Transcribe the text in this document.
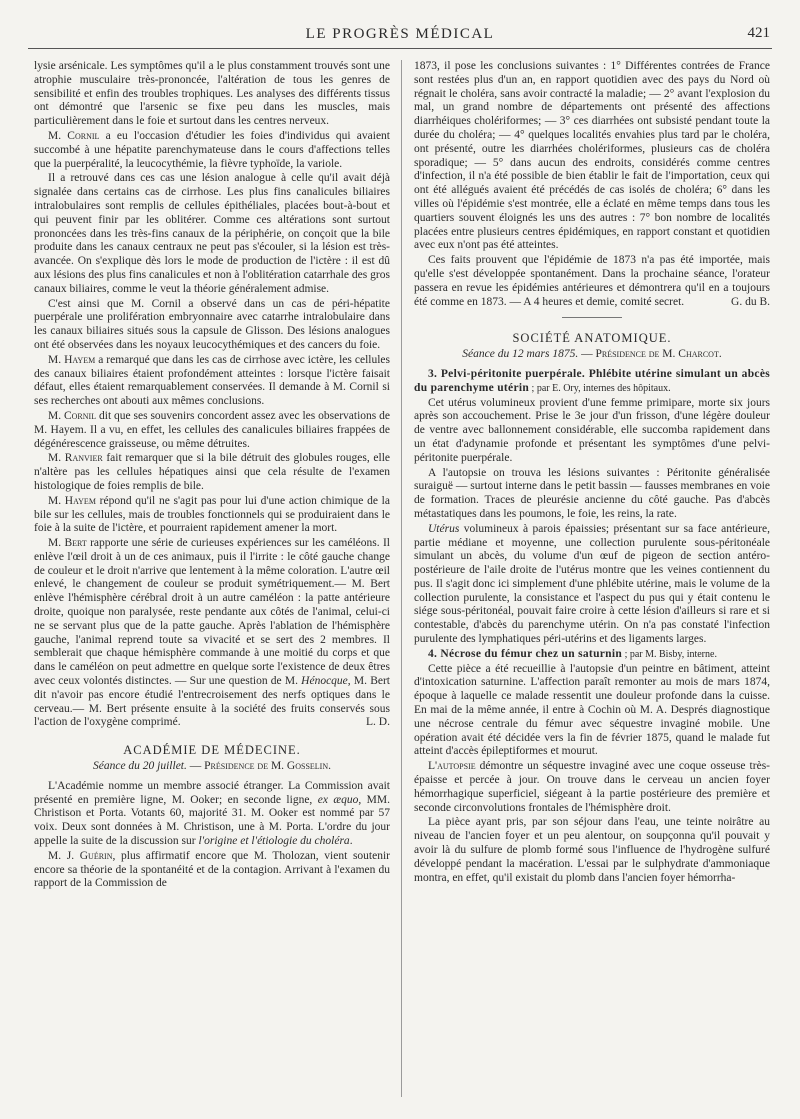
LE PROGRÈS MÉDICAL	421

lysie arsénicale. Les symptômes qu'il a le plus constamment trouvés sont une atrophie musculaire très-prononcée, l'altération de tous les genres de sensibilité et enfin des troubles trophiques. Les analyses des différents tissus ont démontré que l'arsenic se fixe peu dans les muscles, mais particulièrement dans le foie et surtout dans les centres nerveux.

M. Cornil a eu l'occasion d'étudier les foies d'individus qui avaient succombé à une hépatite parenchymateuse dans le cours d'affections telles que la puerpéralité, la leucocythémie, la fièvre typhoïde, la variole.

Il a retrouvé dans ces cas une lésion analogue à celle qu'il avait déjà signalée dans certains cas de cirrhose. Les plus fins canalicules biliaires intralobulaires sont remplis de cellules épithéliales, placées bout-à-bout et qui peuvent finir par les oblitérer. Comme ces altérations sont surtout prononcées dans les très-fins canaux de la périphérie, on conçoit que la bile produite dans les canaux centraux ne peut pas s'écouler, si la lésion est très-avancée. On s'explique dès lors le mode de production de l'ictère : il est dû aux lésions des plus fins canalicules et non à l'oblitération catarrhale des gros canaux biliaires, comme le veut la théorie généralement admise.

C'est ainsi que M. Cornil a observé dans un cas de péri-hépatite puerpérale une prolifération embryonnaire avec catarrhe intralobulaire dans les canaux biliaires situés sous la capsule de Glisson. Des lésions analogues ont été observées dans les noyaux leucocythémiques et des cancers du foie.

M. Hayem a remarqué que dans les cas de cirrhose avec ictère, les cellules des canaux biliaires étaient profondément atteintes : lorsque l'ictère faisait défaut, elles étaient remarquablement conservées. Il demande à M. Cornil si ses recherches ont abouti aux mêmes conclusions.

M. Cornil dit que ses souvenirs concordent assez avec les observations de M. Hayem. Il a vu, en effet, les cellules des canalicules biliaires frappées de dégénérescence graisseuse, ou même détruites.

M. Ranvier fait remarquer que si la bile détruit des globules rouges, elle n'altère pas les cellules hépatiques ainsi que cela résulte de l'examen histologique de foies remplis de bile.

M. Hayem répond qu'il ne s'agit pas pour lui d'une action chimique de la bile sur les cellules, mais de troubles fonctionnels qui se produiraient dans le foie à la suite de l'ictère, et pourraient rapidement amener la mort.

M. Bert rapporte une série de curieuses expériences sur les caméléons. Il enlève l'œil droit à un de ces animaux, puis il l'irrite : le côté gauche change de couleur et le droit n'arrive que lentement à la même coloration. L'autre œil enlevé, le changement de couleur se produit symétriquement.— M. Bert enlève l'hémisphère cérébral droit à un autre caméléon : la patte antérieure droite, quoique non paralysée, reste pendante aux côtés de l'animal, celui-ci ne se servant plus que de la patte gauche. Après l'ablation de l'hémisphère gauche, l'animal reprend toute sa vivacité et se sert des 2 membres. Il semblerait que chaque hémisphère commande à une moitié du corps et que dans le caméléon on peut admettre en quelque sorte l'existence de deux êtres avec ceux volontés distinctes. — Sur une question de M. Hénocque, M. Bert dit n'avoir pas encore étudié l'entrecroisement des nerfs optiques dans le cerveau.— M. Bert présente ensuite à la société des fruits conservés sous l'action de l'oxygène comprimé.	L. D.

ACADÉMIE DE MÉDECINE.
Séance du 20 juillet. — Présidence de M. Gosselin.

L'Académie nomme un membre associé étranger. La Commission avait présenté en première ligne, M. Ooker; en seconde ligne, ex æquo, MM. Christison et Porta. Votants 60, majorité 31. M. Ooker est nommé par 57 voix. Deux sont données à M. Christison, une à M. Porta. L'ordre du jour appelle la suite de la discussion sur l'origine et l'étiologie du choléra.

M. J. Guérin, plus affirmatif encore que M. Tholozan, vient soutenir encore sa théorie de la spontanéité et de la contagion. Arrivant à l'examen du rapport de la Commission de

1873, il pose les conclusions suivantes : 1° Différentes contrées de France sont restées plus d'un an, en rapport quotidien avec des pays du Nord où régnait le choléra, sans avoir contracté la maladie; — 2° avant l'explosion du mal, un grand nombre de départements ont présenté des affections diarrhéiques cholériformes; — 3° ces diarrhées ont subsisté pendant toute la durée du choléra; — 4° quelques localités envahies plus tard par le choléra, ont présenté, outre les diarrhées cholériformes, plusieurs cas de choléra sporadique; — 5° dans aucun des endroits, considérés comme centres d'infection, il n'a été possible de bien établir le fait de l'importation, ceux qui ont été allégués avaient été précédés de cas isolés de choléra; 6° dans les villes où l'épidémie s'est montrée, elle a éclaté en même temps dans tous les quartiers souvent éloignés les uns des autres : 7° bon nombre de localités placées entre plusieurs centres épidémiques, en rapport constant et quotidien avec eux n'ont pas été atteintes.

Ces faits prouvent que l'épidémie de 1873 n'a pas été importée, mais qu'elle s'est développée spontanément. Dans la prochaine séance, l'orateur passera en revue les épidémies antérieures et démontrera qu'il en a toujours été comme en 1873. — A 4 heures et demie, comité secret.	G. du B.

SOCIÉTÉ ANATOMIQUE.
Séance du 12 mars 1875. — Présidence de M. Charcot.

3. Pelvi-péritonite puerpérale. Phlébite utérine simulant un abcès du parenchyme utérin ; par E. Ory, internes des hôpitaux.

Cet utérus volumineux provient d'une femme primipare, morte six jours après son accouchement. Prise le 3e jour d'un frisson, d'une légère douleur de ventre avec ballonnement considérable, elle succomba rapidement dans un état d'adynamie profonde et présentant les symptômes d'une pelvi-péritonite puerpérale.

A l'autopsie on trouva les lésions suivantes : Péritonite généralisée suraiguë — surtout interne dans le petit bassin — fausses membranes en voie de formation. Traces de pleurésie ancienne du côté gauche. Pas d'abcès métastatiques dans les poumons, le foie, les reins, la rate.

Utérus volumineux à parois épaissies; présentant sur sa face antérieure, partie médiane et moyenne, une collection purulente sous-péritonéale simulant un abcès, du volume d'un œuf de pigeon de section antéro-postérieure de l'aile droite de l'utérus montre que les veines contiennent du pus. Il s'agit donc ici simplement d'une phlébite utérine, mais le volume de la collection purulente, la consistance et l'aspect du pus qui y était contenu le siége sous-péritonéal, pouvait faire croire à cette lésion d'ailleurs si rare et si contestable, d'abcès du parenchyme utérin. On n'a pas constaté l'infection purulente des lymphatiques péri-utérins et des ligaments larges.

4. Nécrose du fémur chez un saturnin ; par M. Bisby, interne.

Cette pièce a été recueillie à l'autopsie d'un peintre en bâtiment, atteint d'intoxication saturnine. L'affection paraît remonter au mois de mars 1874, époque à laquelle ce malade ressentit une douleur profonde dans la cuisse. En mai de la même année, il entre à Cochin où M. A. Després diagnostique une nécrose centrale du fémur avec séquestre invaginé mobile. Une opération avait été décidée vers la fin de février 1875, quand le malade fut atteint d'accès épileptiformes et mourut.

L'autopsie démontre un séquestre invaginé avec une coque osseuse très-épaisse et percée à jour. On trouve dans le cerveau un ancien foyer hémorrhagique superficiel, siégeant à la partie postérieure des première et seconde circonvolutions frontales de l'hémisphère droit.

La pièce ayant pris, par son séjour dans l'eau, une teinte noirâtre au niveau de l'ancien foyer et un peu alentour, on soupçonna qu'il pouvait y avoir là du sulfure de plomb formé sous l'influence de l'hydrogène sulfuré développé pendant la macération. L'essai par le sulphydrate d'ammoniaque montra, en effet, qu'il existait du plomb dans l'ancien foyer hémorrha-
